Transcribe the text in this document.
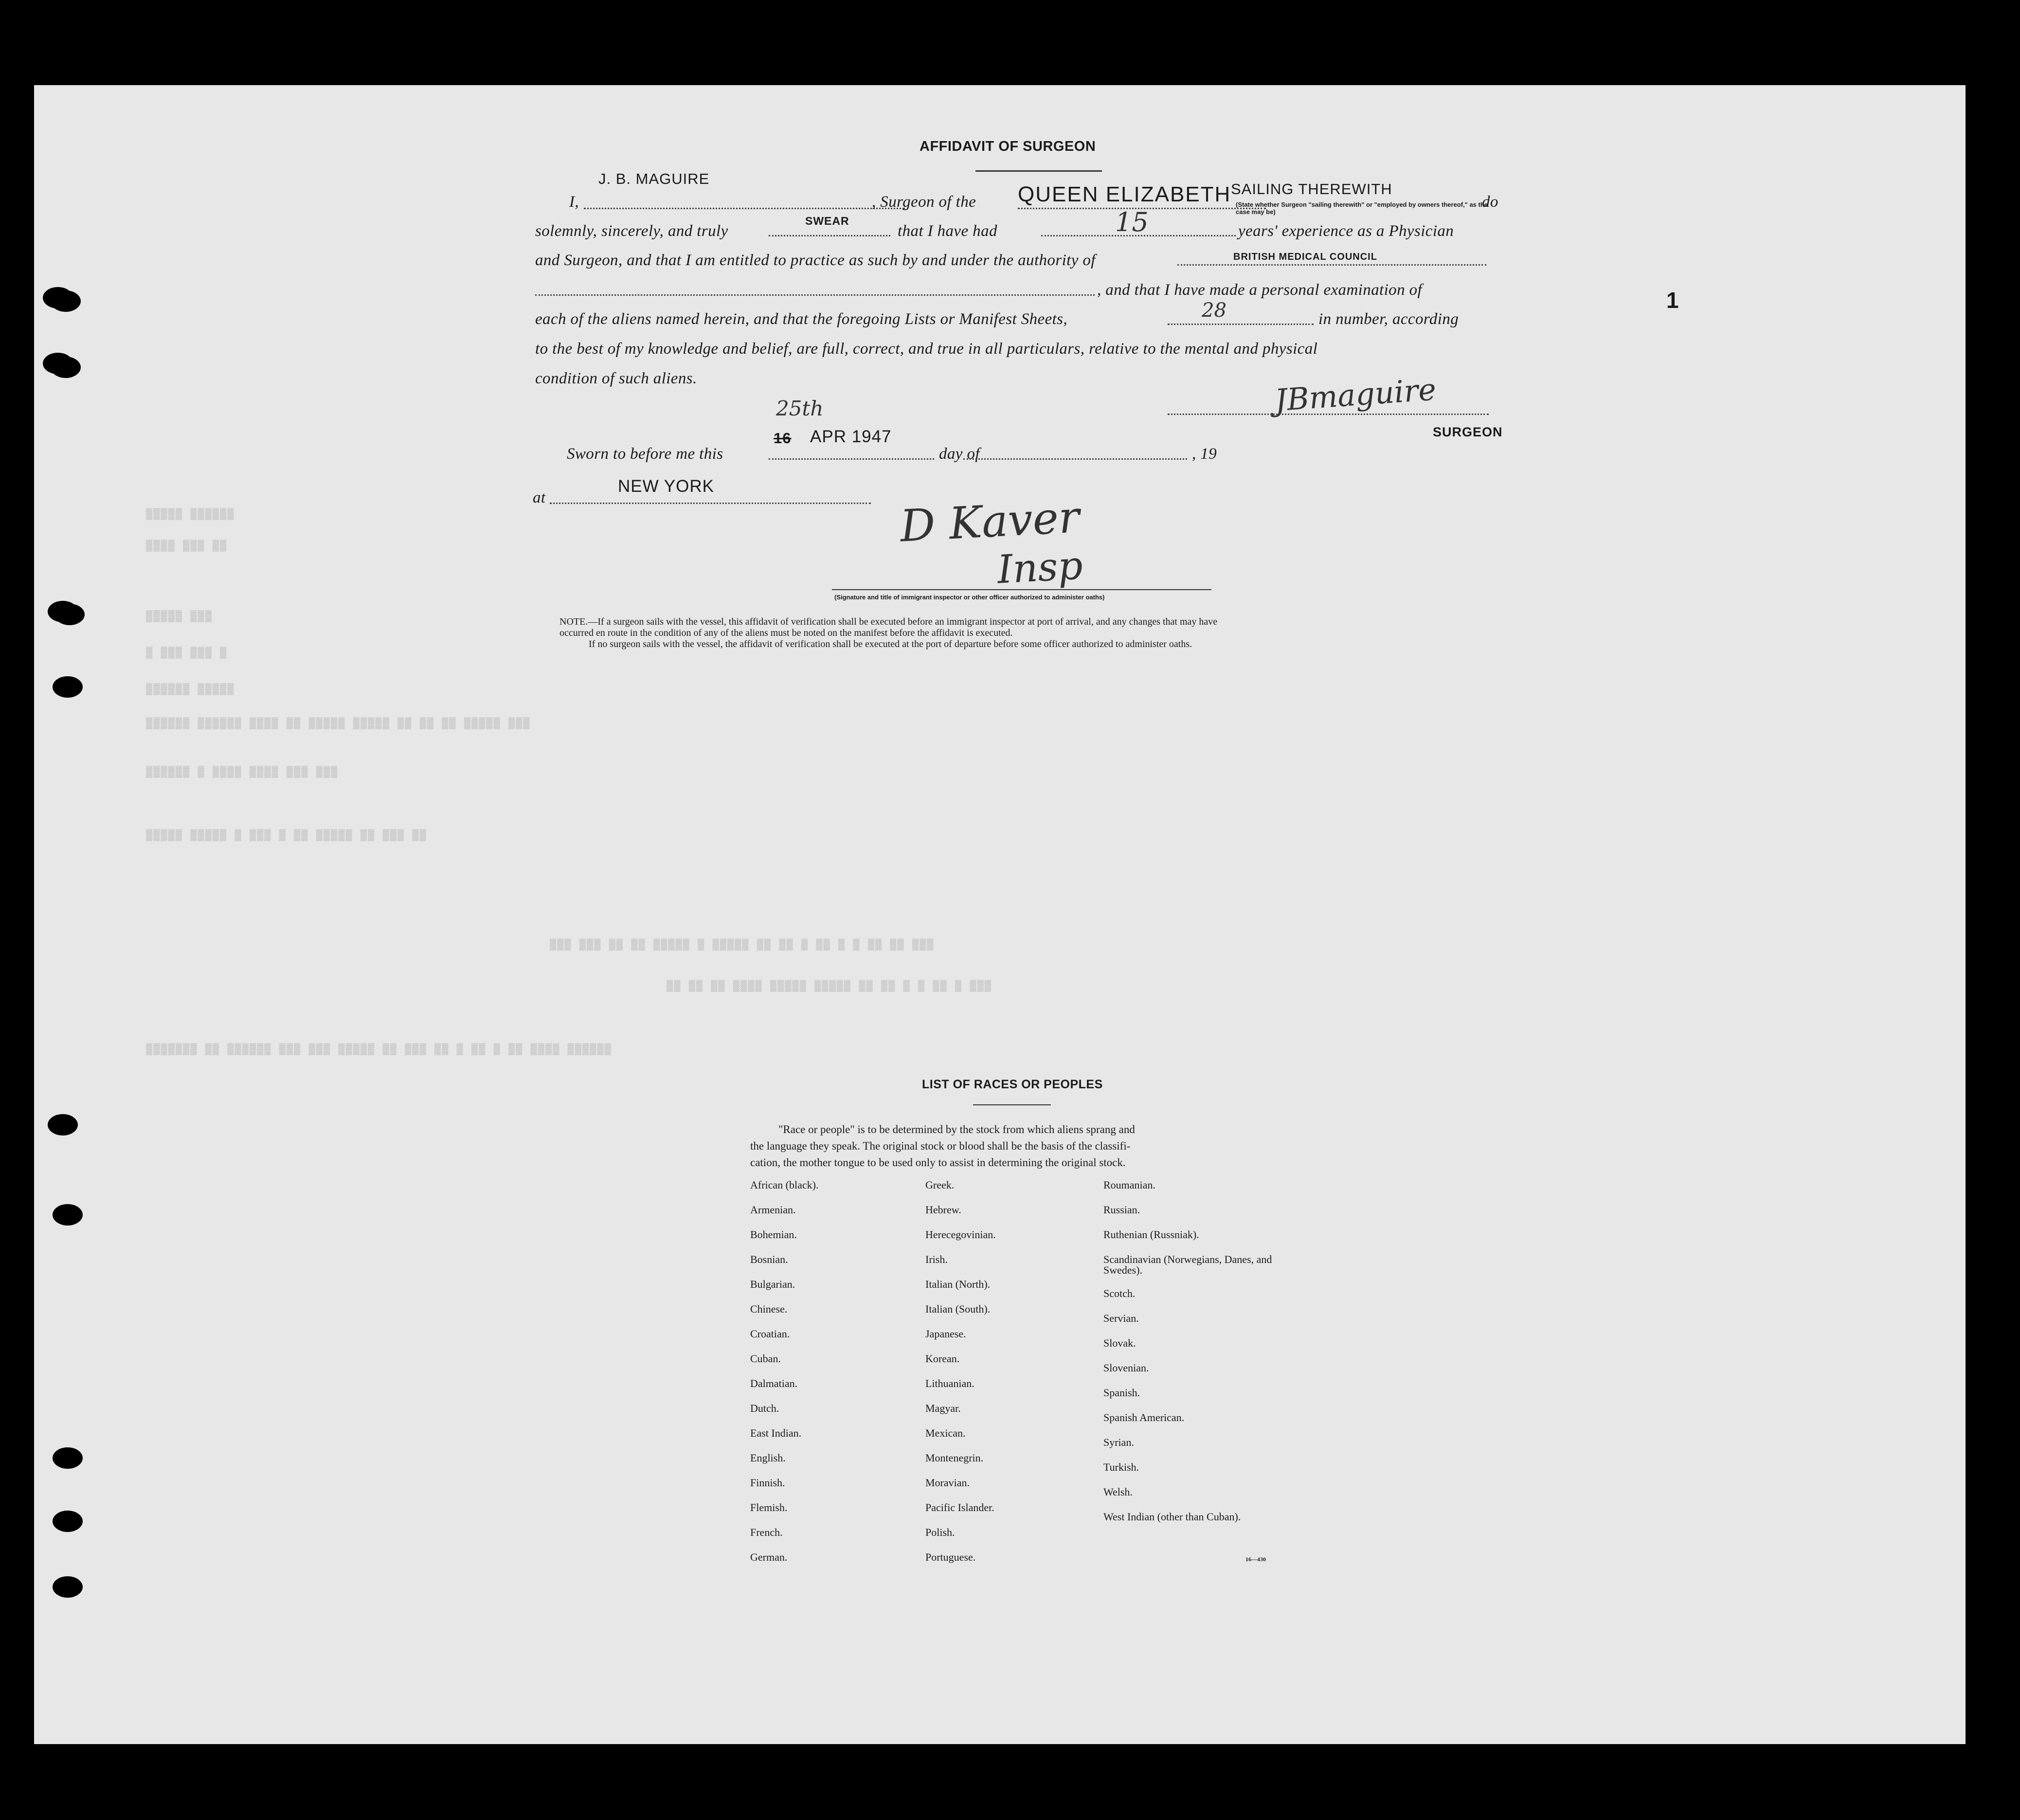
AFFIDAVIT OF SURGEON
J. B. MAGUIRE
I,	, Surgeon of the QUEEN ELIZABETH SAILING THEREWITH
(State whether Surgeon "sailing therewith" or "employed by owners thereof," as the case may be)
do
solemnly, sincerely, and truly
SWEAR
that I have had	15	years' experience as a Physician
and Surgeon, and that I am entitled to practice as such by and under the authority of	BRITISH MEDICAL COUNCIL
, and that I have made a personal examination of
each of the aliens named herein, and that the foregoing Lists or Manifest Sheets,	28	in number, according
to the best of my knowledge and belief, are full, correct, and true in all particulars, relative to the mental and physical
condition of such aliens.	JBmaguire
SURGEON
Sworn to before me this
16
25th
APR 1947
day of	, 19
at
NEW YORK
D Kaver
Insp
(Signature and title of immigrant inspector or other officer authorized to administer oaths)
NOTE.—If a surgeon sails with the vessel, this affidavit of verification shall be executed before an immigrant inspector at port of arrival, and any changes that may have
occurred en route in the condition of any of the aliens must be noted on the manifest before the affidavit is executed.
If no surgeon sails with the vessel, the affidavit of verification shall be executed at the port of departure before some officer authorized to administer oaths.
1
▒▒▒▒▒ ▒▒▒▒▒▒
▒▒▒▒ ▒▒▒ ▒▒
▒▒▒▒▒ ▒▒▒
▒ ▒▒▒ ▒▒▒ ▒
▒▒▒▒▒▒ ▒▒▒▒▒
▒▒▒▒▒▒ ▒▒▒▒▒▒ ▒▒▒▒ ▒▒ ▒▒▒▒▒ ▒▒▒▒▒ ▒▒ ▒▒ ▒▒ ▒▒▒▒▒ ▒▒▒
▒▒▒▒▒▒ ▒ ▒▒▒▒ ▒▒▒▒ ▒▒▒ ▒▒▒
▒▒▒▒▒ ▒▒▒▒▒ ▒ ▒▒▒ ▒ ▒▒ ▒▒▒▒▒ ▒▒ ▒▒▒ ▒▒
▒▒▒ ▒▒▒ ▒▒ ▒▒ ▒▒▒▒▒ ▒ ▒▒▒▒▒ ▒▒ ▒▒ ▒ ▒▒ ▒ ▒ ▒▒ ▒▒ ▒▒▒
▒▒ ▒▒ ▒▒ ▒▒▒▒ ▒▒▒▒▒ ▒▒▒▒▒ ▒▒ ▒▒ ▒ ▒ ▒▒ ▒ ▒▒▒
▒▒▒▒▒▒▒ ▒▒ ▒▒▒▒▒▒ ▒▒▒ ▒▒▒ ▒▒▒▒▒ ▒▒ ▒▒▒ ▒▒ ▒ ▒▒ ▒ ▒▒ ▒▒▒▒ ▒▒▒▒▒▒
LIST OF RACES OR PEOPLES
"Race or people" is to be determined by the stock from which aliens sprang and
the language they speak. The original stock or blood shall be the basis of the classifi-
cation, the mother tongue to be used only to assist in determining the original stock.
African (black).
Armenian.
Bohemian.
Bosnian.
Bulgarian.
Chinese.
Croatian.
Cuban.
Dalmatian.
Dutch.
East Indian.
English.
Finnish.
Flemish.
French.
German.
Greek.
Hebrew.
Herecegovinian.
Irish.
Italian (North).
Italian (South).
Japanese.
Korean.
Lithuanian.
Magyar.
Mexican.
Montenegrin.
Moravian.
Pacific Islander.
Polish.
Portuguese.
Roumanian.
Russian.
Ruthenian (Russniak).
Scandinavian (Norwegians, Danes, and Swedes).
Scotch.
Servian.
Slovak.
Slovenian.
Spanish.
Spanish American.
Syrian.
Turkish.
Welsh.
West Indian (other than Cuban).
16—430
